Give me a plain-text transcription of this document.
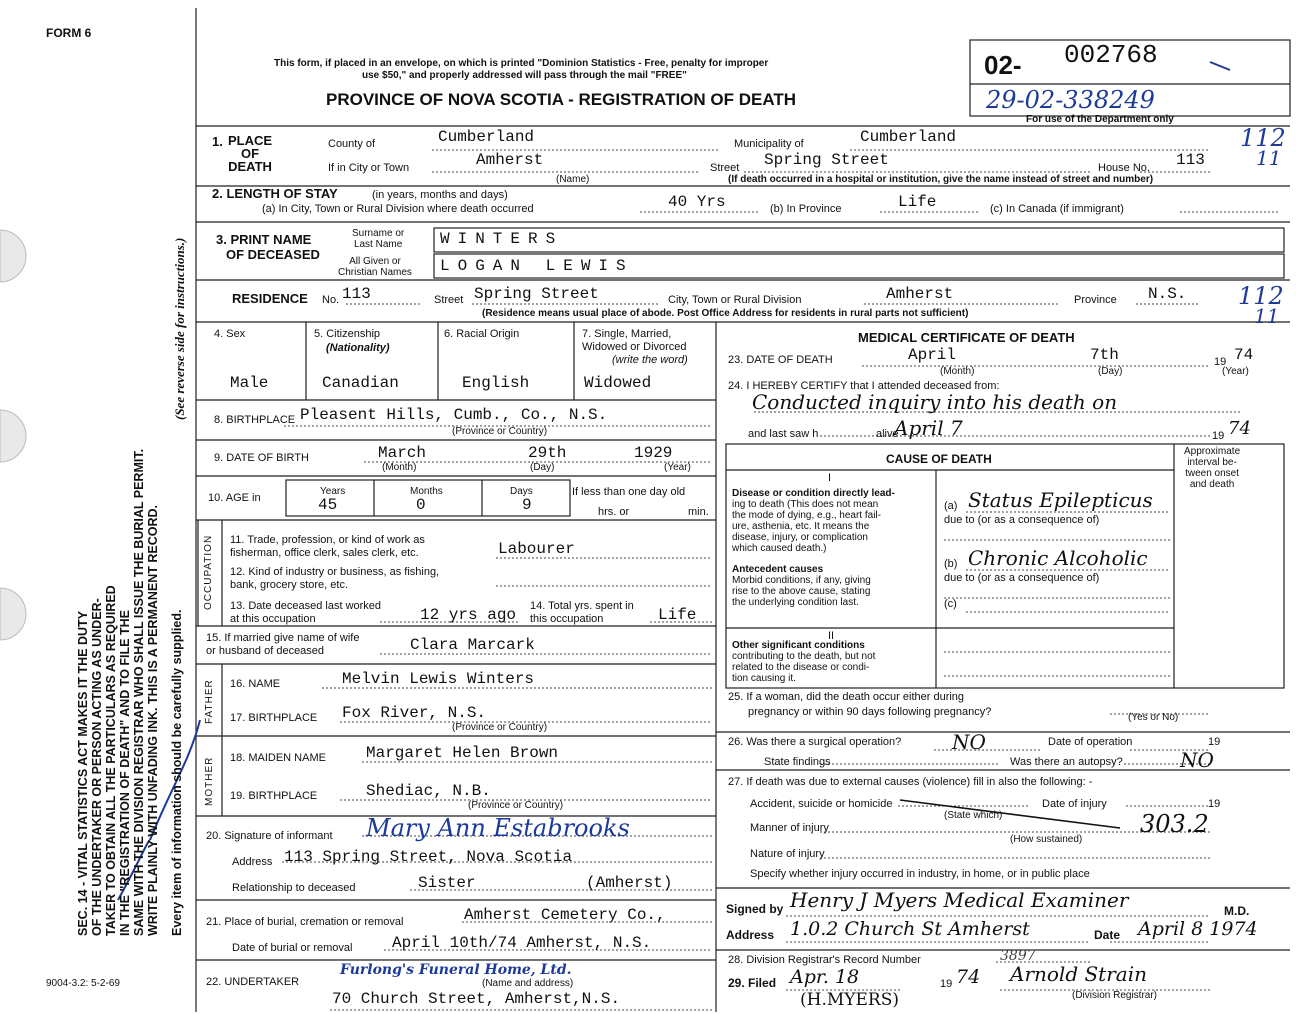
FORM 6
This form, if placed in an envelope, on which is printed "Dominion Statistics - Free, penalty for improper
use $50," and properly addressed will pass through the mail "FREE"
PROVINCE OF NOVA SCOTIA - REGISTRATION OF DEATH
02- 002768
29-02-338249
For use of the Department only
112
11
112
11
SEC. 14 - VITAL STATISTICS ACT MAKES IT THE DUTY OF THE UNDERTAKER OR PERSON ACTING AS UNDER- TAKER TO OBTAIN ALL THE PARTICULARS AS REQUIRED IN THE "REGISTRATION OF DEATH" AND TO FILE THE SAME WITH THE DIVISION REGISTRAR WHO SHALL ISSUE THE BURIAL PERMIT. WRITE PLAINLY WITH UNFADING INK. THIS IS A PERMANENT RECORD. Every item of information should be carefully supplied.
(See reverse side for instructions.)
9004-3.2: 5-2-69
1. PLACE
OF
DEATH
County of	Cumberland	Municipality of	Cumberland
If in City or Town	Amherst
(Name)
Street Spring Street	House No. 113
(If death occurred in a hospital or institution, give the name instead of street and number)
2. LENGTH OF STAY	(in years, months and days)
(a) In City, Town or Rural Division where death occurred	40 Yrs	(b) In Province	Life	(c) In Canada (if immigrant)
3. PRINT NAME
OF DECEASED
Surname or
Last Name WINTERS
All Given or
Christian Names LOGAN LEWIS
RESIDENCE No. 113	Street Spring Street	City, Town or Rural Division	Amherst	Province N.S.
(Residence means usual place of abode. Post Office Address for residents in rural parts not sufficient)
4. Sex
Male
5. Citizenship
(Nationality)
Canadian
6. Racial Origin
English
7. Single, Married,
Widowed or Divorced
(write the word)
Widowed
8. BIRTHPLACE Pleasent Hills, Cumb., Co., N.S.
(Province or Country)
9. DATE OF BIRTH	March	29th	1929
(Month)	(Day)	(Year)
10. AGE in
Years	Months	Days
45	0	9
If less than one day old
hrs. or	min.
OCCUPATION 11. Trade, profession, or kind of work as
fisherman, office clerk, sales clerk, etc.	Labourer
12. Kind of industry or business, as fishing,
bank, grocery store, etc.
13. Date deceased last worked
at this occupation	12 yrs ago 14. Total yrs. spent in
this occupation	Life
15. If married give name of wife
or husband of deceased	Clara Marcark
FATHER 16. NAME	Melvin Lewis Winters
17. BIRTHPLACE Fox River, N.S.
(Province or Country)
MOTHER 18. MAIDEN NAME	Margaret Helen Brown
19. BIRTHPLACE	Shediac, N.B.
(Province or Country)
20. Signature of informant Mary Ann Estabrooks
Address 113 Spring Street, Nova Scotia
Relationship to deceased	Sister	(Amherst)
21. Place of burial, cremation or removal	Amherst Cemetery Co.,
Date of burial or removal April 10th/74 Amherst, N.S.
22. UNDERTAKER
Furlong's Funeral Home, Ltd.
(Name and address)
70 Church Street, Amherst,N.S.
MEDICAL CERTIFICATE OF DEATH
23. DATE OF DEATH	April	7th	19 74
(Month)	(Day)	(Year)
24. I HEREBY CERTIFY that I attended deceased from:
Conducted inquiry into his death on
and last saw h	alive
April 7	19 74
CAUSE OF DEATH
Approximate
interval be-
tween onset
and death
I
Disease or condition directly lead-
ing to death (This does not mean
the mode of dying, e.g., heart fail-
ure, asthenia, etc. It means the
disease, injury, or complication
which caused death.)
(a) Status Epilepticus
due to (or as a consequence of)
Antecedent causes
Morbid conditions, if any, giving
rise to the above cause, stating
the underlying condition last.
(b) Chronic Alcoholic
due to (or as a consequence of)
(c)
II
Other significant conditions
contributing to the death, but not
related to the disease or condi-
tion causing it.
25. If a woman, did the death occur either during
pregnancy or within 90 days following pregnancy?	(Yes or No)
26. Was there a surgical operation?	NO	Date of operation	19
State findings	Was there an autopsy?	NO
27. If death was due to external causes (violence) fill in also the following: -
Accident, suicide or homicide
(State which)
Date of injury	19
Manner of injury
(How sustained)
303.2
Nature of injury
Specify whether injury occurred in industry, in home, or in public place
Signed by Henry J Myers Medical Examiner	M.D.
Address 1.0.2 Church St Amherst	Date April 8 1974
28. Division Registrar's Record Number	3897
29. Filed Apr. 18	19 74 Arnold Strain
(Division Registrar)
(H.MYERS)
